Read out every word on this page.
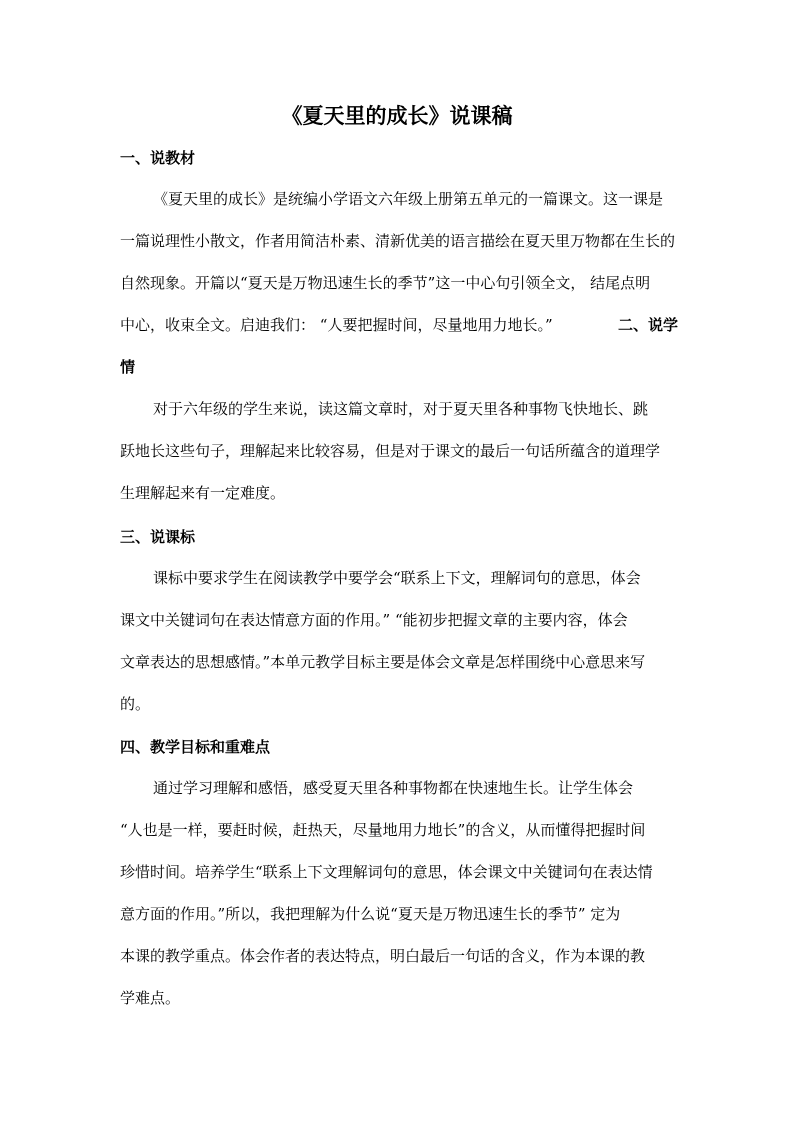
《夏天里的成长》说课稿
一、说教材
《夏天里的成长》是统编小学语文六年级上册第五单元的一篇课文。这一课是
一篇说理性小散文，作者用简洁朴素、清新优美的语言描绘在夏天里万物都在生长的
自然现象。开篇以“夏天是万物迅速生长的季节”这一中心句引领全文， 结尾点明
中心，收束全文。启迪我们： “人要把握时间，尽量地用力地长。”	二、说学
情
对于六年级的学生来说，读这篇文章时，对于夏天里各种事物飞快地长、跳
跃地长这些句子，理解起来比较容易，但是对于课文的最后一句话所蕴含的道理学
生理解起来有一定难度。
三、说课标
课标中要求学生在阅读教学中要学会“联系上下文，理解词句的意思，体会
课文中关键词句在表达情意方面的作用。” “能初步把握文章的主要内容，体会
文章表达的思想感情。”本单元教学目标主要是体会文章是怎样围绕中心意思来写
的。
四、教学目标和重难点
通过学习理解和感悟，感受夏天里各种事物都在快速地生长。让学生体会
“人也是一样，要赶时候，赶热天，尽量地用力地长”的含义，从而懂得把握时间
珍惜时间。培养学生“联系上下文理解词句的意思，体会课文中关键词句在表达情
意方面的作用。”所以，我把理解为什么说“夏天是万物迅速生长的季节” 定为
本课的教学重点。体会作者的表达特点，明白最后一句话的含义，作为本课的教
学难点。
